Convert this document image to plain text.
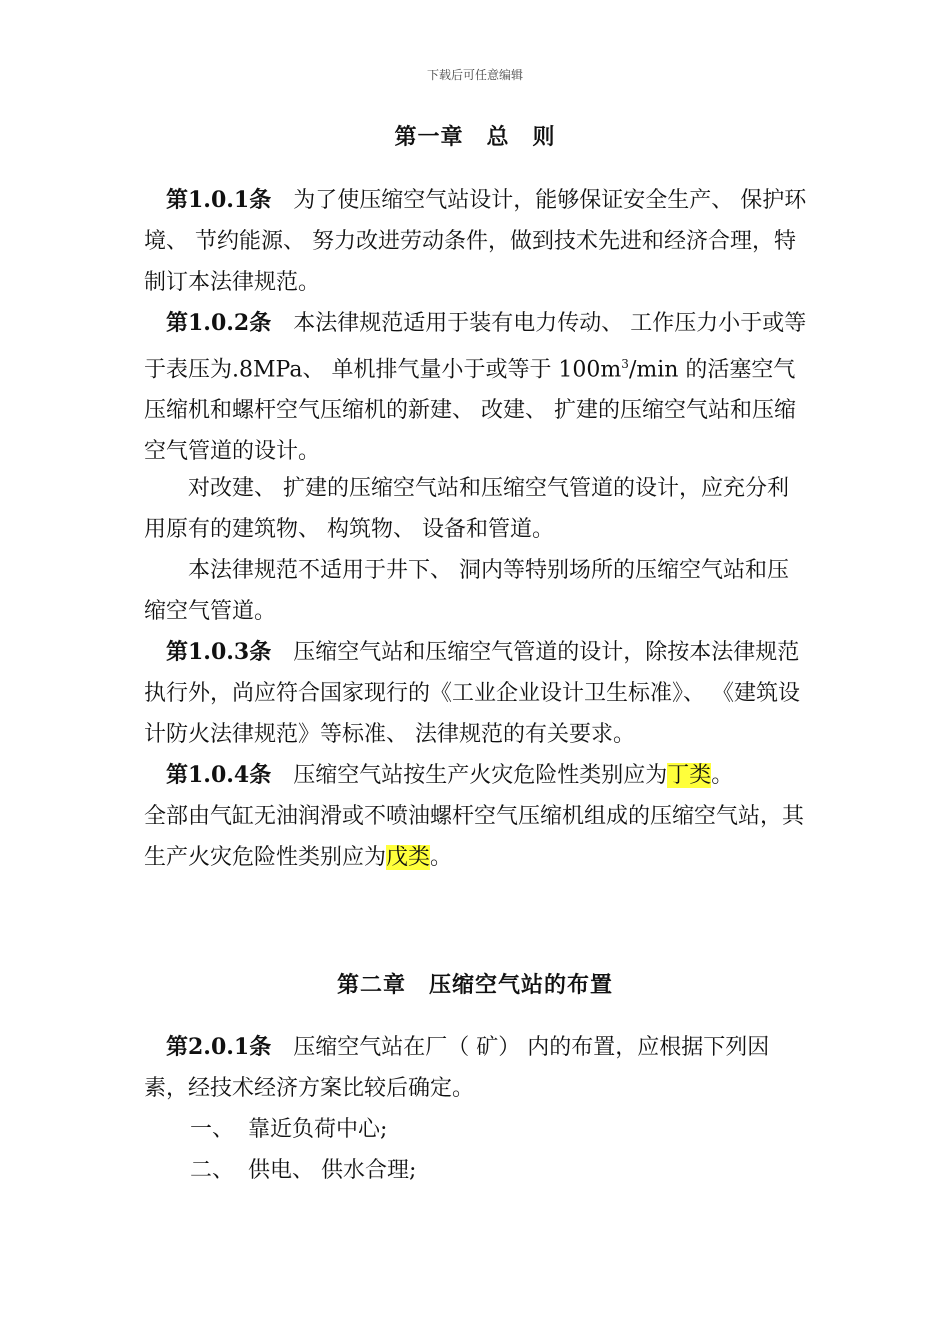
下载后可任意编辑
第一章　总　则
第1.0.1条 为了使压缩空气站设计，能够保证安全生产、 保护环境、 节约能源、 努力改进劳动条件，做到技术先进和经济合理，特制订本法律规范。
第1.0.2条 本法律规范适用于装有电力传动、 工作压力小于或等于表压为.8MPa、 单机排气量小于或等于 $100m^3/\min$ 的活塞空气压缩机和螺杆空气压缩机的新建、 改建、 扩建的压缩空气站和压缩空气管道的设计。
对改建、 扩建的压缩空气站和压缩空气管道的设计，应充分利用原有的建筑物、 构筑物、 设备和管道。
本法律规范不适用于井下、 洞内等特别场所的压缩空气站和压缩空气管道。
第1.0.3条 压缩空气站和压缩空气管道的设计，除按本法律规范执行外，尚应符合国家现行的《工业企业设计卫生标准》、 《建筑设计防火法律规范》等标准、 法律规范的有关要求。
第1.0.4条 压缩空气站按生产火灾危险性类别应为丁类。
全部由气缸无油润滑或不喷油螺杆空气压缩机组成的压缩空气站，其生产火灾危险性类别应为戊类。
第二章　压缩空气站的布置
第2.0.1条 压缩空气站在厂（ 矿） 内的布置，应根据下列因素，经技术经济方案比较后确定。
一、 靠近负荷中心;
二、 供电、 供水合理;
